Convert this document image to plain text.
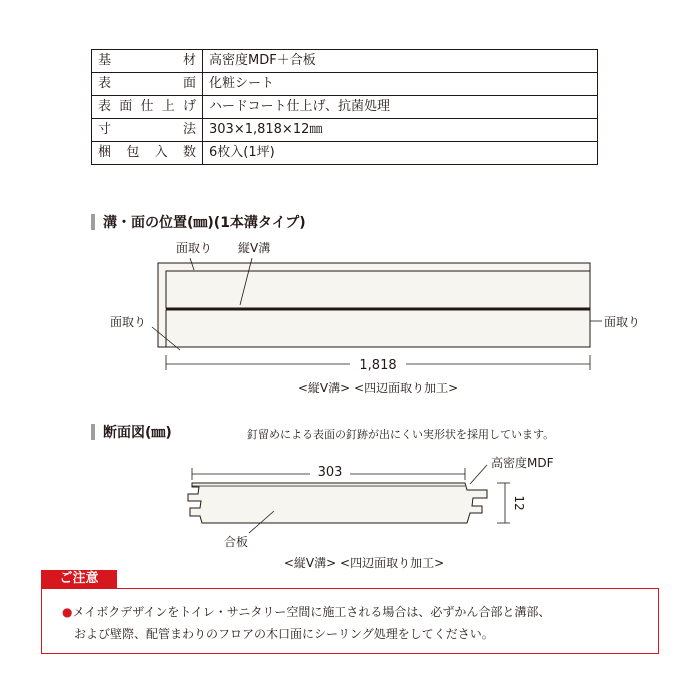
基 材	高密度MDF＋合板

表 面	化粧シート

表 面 仕 上 げ	ハードコート仕上げ、抗菌処理

寸 法	303×1,818×12㎜

梱 包 入 数	6枚入(1坪)
溝・面の位置(㎜)(1本溝タイプ)
断面図(㎜)	釘留めによる表面の釘跡が出にくい実形状を採用しています。
面取り 縦V溝
面取り	面取り
1,818
<縦V溝> <四辺面取り加工>
303
高密度MDF
12
合板
<縦V溝> <四辺面取り加工>
ご注意
●メイボクデザインをトイレ・サニタリー空間に施工される場合は、必ずかん合部と溝部、
および壁際、配管まわりのフロアの木口面にシーリング処理をしてください。
